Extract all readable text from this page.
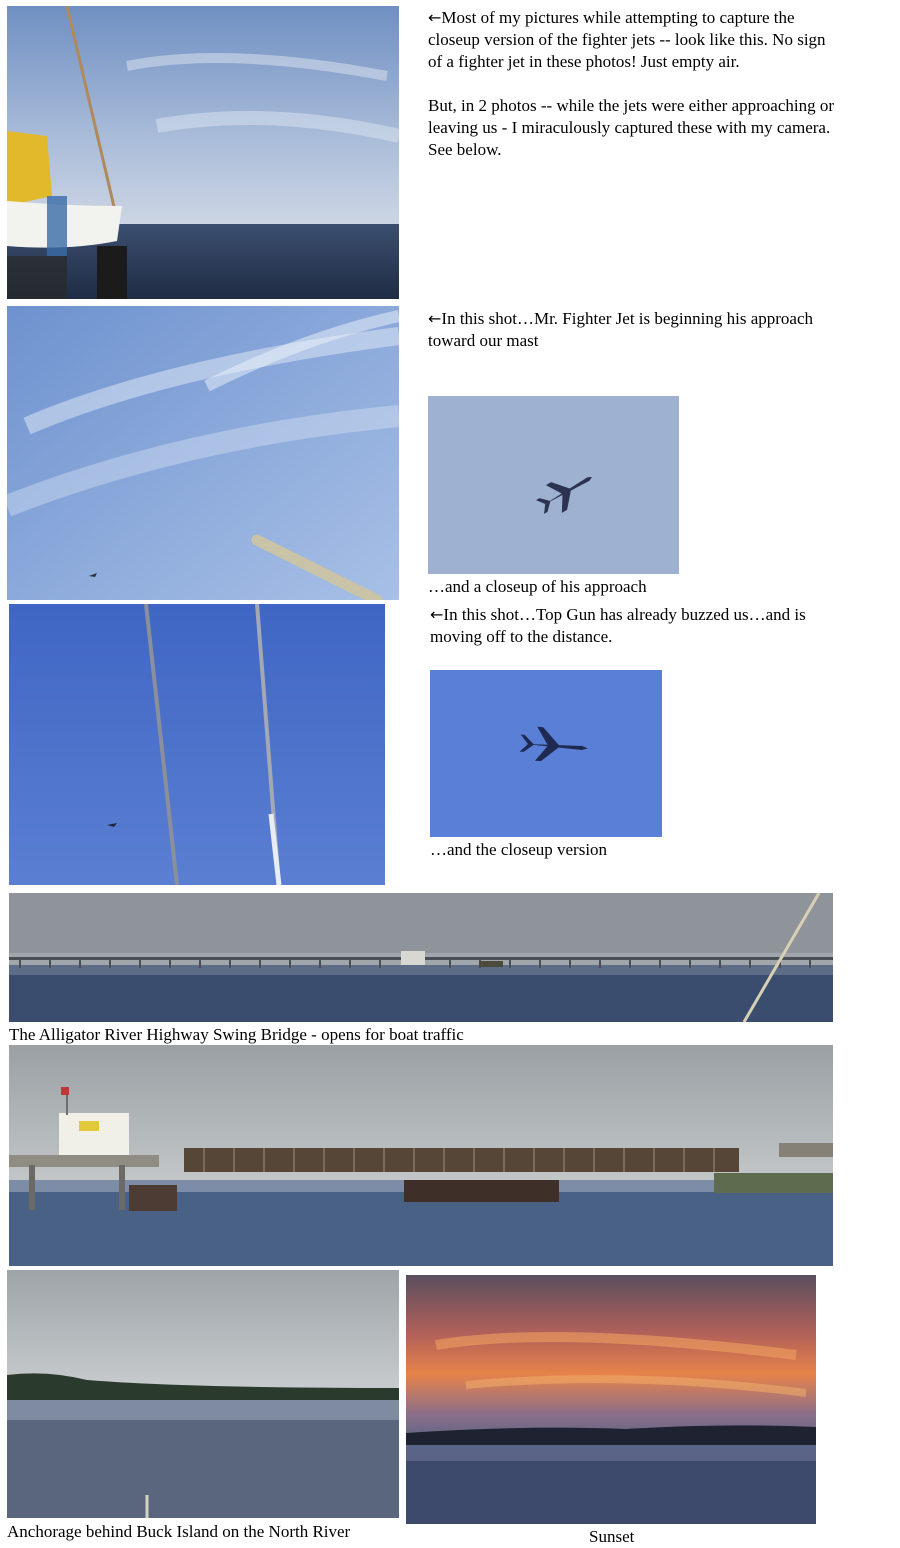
←Most of my pictures while attempting to capture the closeup version of the fighter jets -- look like this. No sign of a fighter jet in these photos! Just empty air.
But, in 2 photos -- while the jets were either approaching or leaving us - I miraculously captured these with my camera. See below.
←In this shot…Mr. Fighter Jet is beginning his approach toward our mast
…and a closeup of his approach
←In this shot…Top Gun has already buzzed us…and is moving off to the distance.
…and the closeup version
The Alligator River Highway Swing Bridge - opens for boat traffic
Anchorage behind Buck Island on the North River	Sunset
